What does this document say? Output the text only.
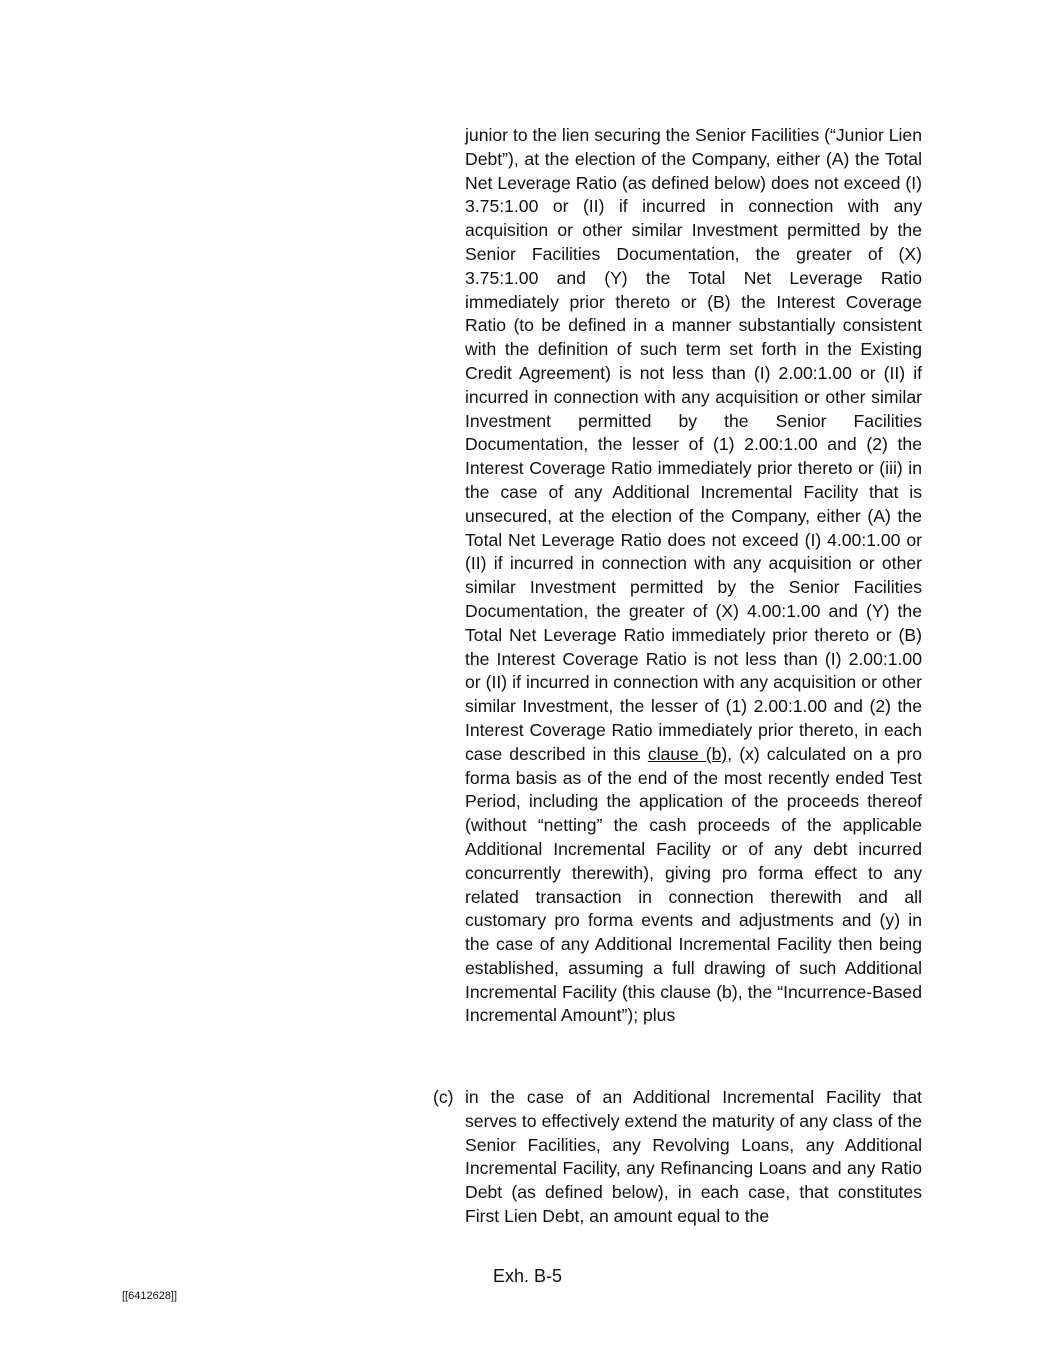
junior to the lien securing the Senior Facilities (“Junior Lien Debt”), at the election of the Company, either (A) the Total Net Leverage Ratio (as defined below) does not exceed (I) 3.75:1.00 or (II) if incurred in connection with any acquisition or other similar Investment permitted by the Senior Facilities Documentation, the greater of (X) 3.75:1.00 and (Y) the Total Net Leverage Ratio immediately prior thereto or (B) the Interest Coverage Ratio (to be defined in a manner substantially consistent with the definition of such term set forth in the Existing Credit Agreement) is not less than (I) 2.00:1.00 or (II) if incurred in connection with any acquisition or other similar Investment permitted by the Senior Facilities Documentation, the lesser of (1) 2.00:1.00 and (2) the Interest Coverage Ratio immediately prior thereto or (iii) in the case of any Additional Incremental Facility that is unsecured, at the election of the Company, either (A) the Total Net Leverage Ratio does not exceed (I) 4.00:1.00 or (II) if incurred in connection with any acquisition or other similar Investment permitted by the Senior Facilities Documentation, the greater of (X) 4.00:1.00 and (Y) the Total Net Leverage Ratio immediately prior thereto or (B) the Interest Coverage Ratio is not less than (I) 2.00:1.00 or (II) if incurred in connection with any acquisition or other similar Investment, the lesser of (1) 2.00:1.00 and (2) the Interest Coverage Ratio immediately prior thereto, in each case described in this clause (b), (x) calculated on a pro forma basis as of the end of the most recently ended Test Period, including the application of the proceeds thereof (without “netting” the cash proceeds of the applicable Additional Incremental Facility or of any debt incurred concurrently therewith), giving pro forma effect to any related transaction in connection therewith and all customary pro forma events and adjustments and (y) in the case of any Additional Incremental Facility then being established, assuming a full drawing of such Additional Incremental Facility (this clause (b), the “Incurrence-Based Incremental Amount”); plus
(c) in the case of an Additional Incremental Facility that serves to effectively extend the maturity of any class of the Senior Facilities, any Revolving Loans, any Additional Incremental Facility, any Refinancing Loans and any Ratio Debt (as defined below), in each case, that constitutes First Lien Debt, an amount equal to the
Exh. B-5
[[6412628]]
